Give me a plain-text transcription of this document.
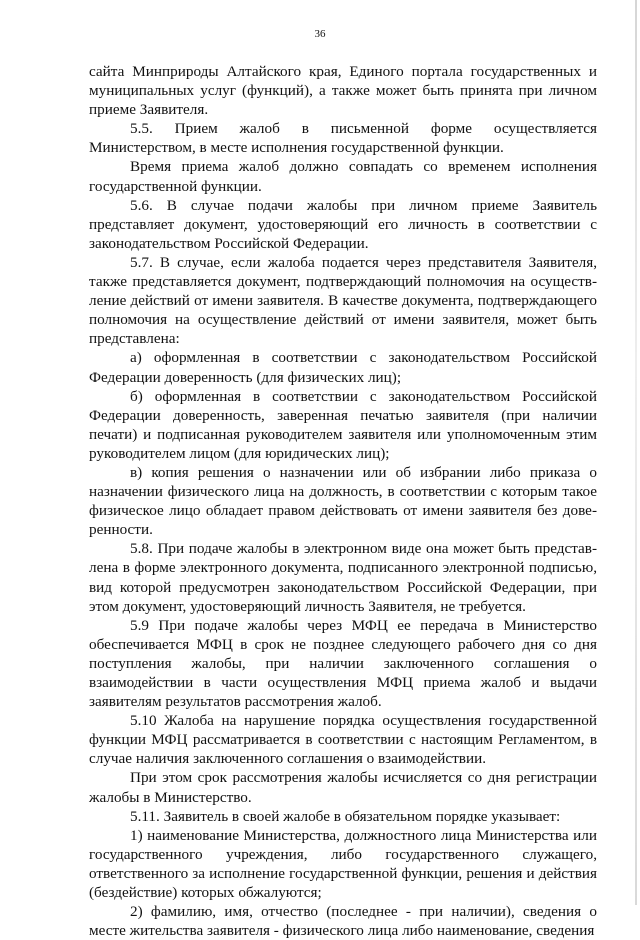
36

сайта Минприроды Алтайского края, Единого портала государственных и муниципальных услуг (функций), а также может быть принята при личном приеме Заявителя.

5.5. Прием жалоб в письменной форме осуществляется Министерством, в месте исполнения государственной функции.

Время приема жалоб должно совпадать со временем исполнения государственной функции.

5.6. В случае подачи жалобы при личном приеме Заявитель представляет документ, удостоверяющий его личность в соответствии с законодательством Российской Федерации.

5.7. В случае, если жалоба подается через представителя Заявителя, также представляется документ, подтверждающий полномочия на осуществление действий от имени заявителя. В качестве документа, подтверждающего полномочия на осуществление действий от имени заявителя, может быть представлена:

а) оформленная в соответствии с законодательством Российской Федерации доверенность (для физических лиц);

б) оформленная в соответствии с законодательством Российской Федерации доверенность, заверенная печатью заявителя (при наличии печати) и подписанная руководителем заявителя или уполномоченным этим руководителем лицом (для юридических лиц);

в) копия решения о назначении или об избрании либо приказа о назначении физического лица на должность, в соответствии с которым такое физическое лицо обладает правом действовать от имени заявителя без доверенности.

5.8. При подаче жалобы в электронном виде она может быть представлена в форме электронного документа, подписанного электронной подписью, вид которой предусмотрен законодательством Российской Федерации, при этом документ, удостоверяющий личность Заявителя, не требуется.

5.9 При подаче жалобы через МФЦ ее передача в Министерство обеспечивается МФЦ в срок не позднее следующего рабочего дня со дня поступления жалобы, при наличии заключенного соглашения о взаимодействии в части осуществления МФЦ приема жалоб и выдачи заявителям результатов рассмотрения жалоб.

5.10 Жалоба на нарушение порядка осуществления государственной функции МФЦ рассматривается в соответствии с настоящим Регламентом, в случае наличия заключенного соглашения о взаимодействии.

При этом срок рассмотрения жалобы исчисляется со дня регистрации жалобы в Министерство.

5.11. Заявитель в своей жалобе в обязательном порядке указывает:

1) наименование Министерства, должностного лица Министерства или государственного учреждения, либо государственного служащего, ответственного за исполнение государственной функции, решения и действия (бездействие) которых обжалуются;

2) фамилию, имя, отчество (последнее - при наличии), сведения о месте жительства заявителя - физического лица либо наименование, сведения
